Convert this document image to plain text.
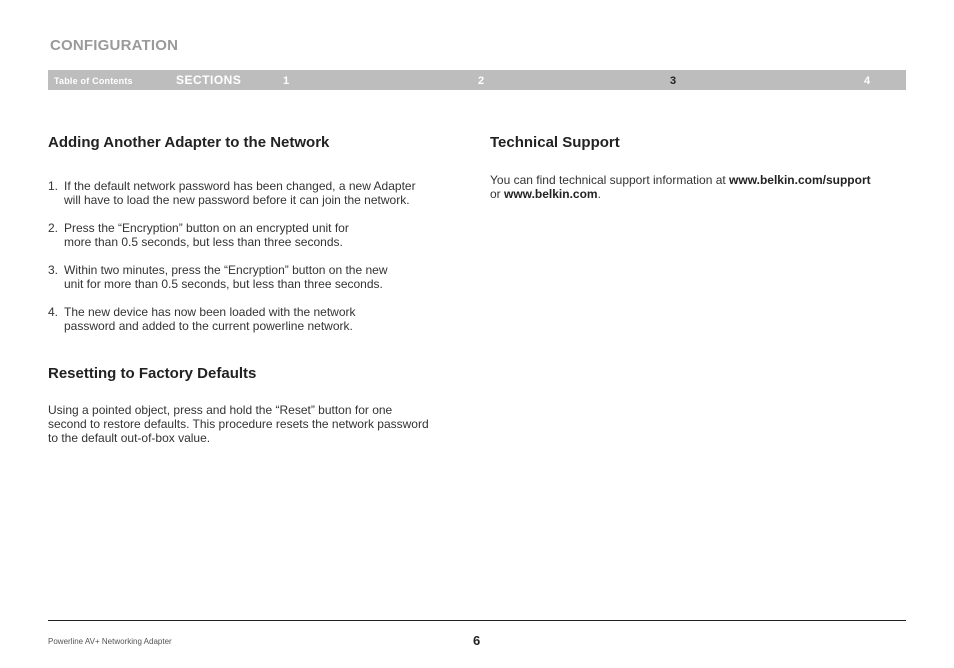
CONFIGURATION
Table of Contents	SECTIONS	1	2	3	4
Adding Another Adapter to the Network
1. If the default network password has been changed, a new Adapter
will have to load the new password before it can join the network.
2. Press the “Encryption” button on an encrypted unit for
more than 0.5 seconds, but less than three seconds.
3. Within two minutes, press the “Encryption” button on the new
unit for more than 0.5 seconds, but less than three seconds.
4. The new device has now been loaded with the network
password and added to the current powerline network.
Resetting to Factory Defaults

Using a pointed object, press and hold the “Reset” button for one
second to restore defaults. This procedure resets the network password
to the default out-of-box value.

Technical Support

You can find technical support information at www.belkin.com/support
or www.belkin.com.

Powerline AV+ Networking Adapter	6
